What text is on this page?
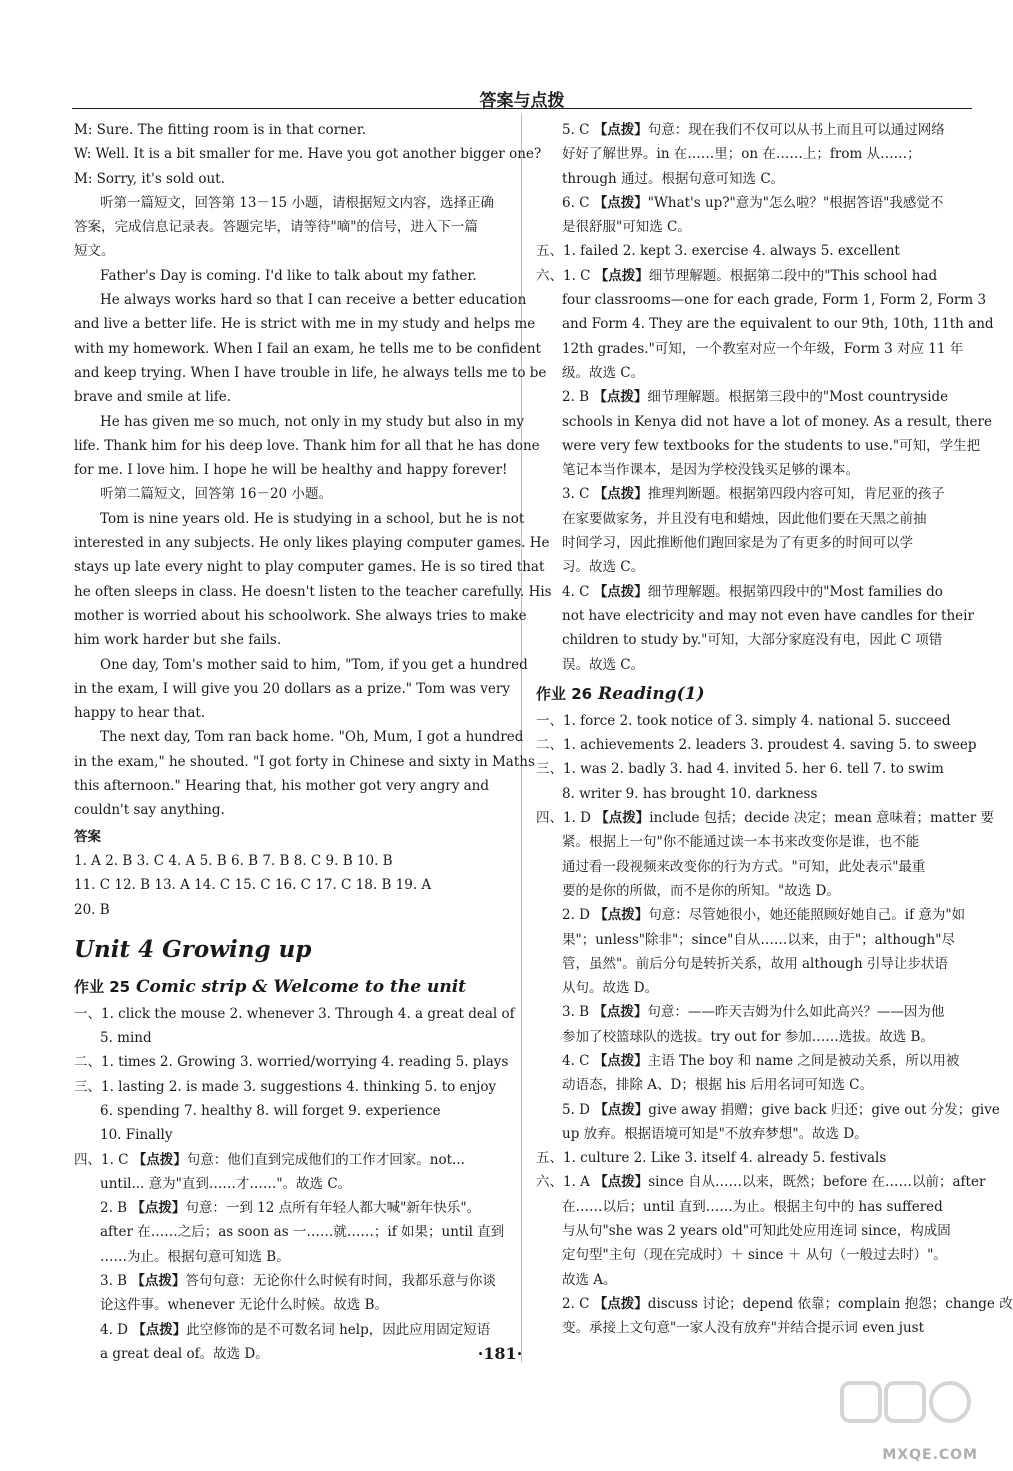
答案与点拨
M: Sure. The fitting room is in that corner.
W: Well. It is a bit smaller for me. Have you got another bigger one?
M: Sorry, it's sold out.
听第一篇短文，回答第 13－15 小题，请根据短文内容，选择正确
答案，完成信息记录表。答题完毕，请等待"嘀"的信号，进入下一篇
短文。
Father's Day is coming. I'd like to talk about my father.
He always works hard so that I can receive a better education
and live a better life. He is strict with me in my study and helps me
with my homework. When I fail an exam, he tells me to be confident
and keep trying. When I have trouble in life, he always tells me to be
brave and smile at life.
He has given me so much, not only in my study but also in my
life. Thank him for his deep love. Thank him for all that he has done
for me. I love him. I hope he will be healthy and happy forever!
听第二篇短文，回答第 16－20 小题。
Tom is nine years old. He is studying in a school, but he is not
interested in any subjects. He only likes playing computer games. He
stays up late every night to play computer games. He is so tired that
he often sleeps in class. He doesn't listen to the teacher carefully. His
mother is worried about his schoolwork. She always tries to make
him work harder but she fails.
One day, Tom's mother said to him, "Tom, if you get a hundred
in the exam, I will give you 20 dollars as a prize." Tom was very
happy to hear that.
The next day, Tom ran back home. "Oh, Mum, I got a hundred
in the exam," he shouted. "I got forty in Chinese and sixty in Maths
this afternoon." Hearing that, his mother got very angry and
couldn't say anything.
答案
1. A 2. B 3. C 4. A 5. B 6. B 7. B 8. C 9. B 10. B
11. C 12. B 13. A 14. C 15. C 16. C 17. C 18. B 19. A
20. B
Unit 4 Growing up
作业 25 Comic strip & Welcome to the unit
一、1. click the mouse 2. whenever 3. Through 4. a great deal of
5. mind
二、1. times 2. Growing 3. worried/worrying 4. reading 5. plays
三、1. lasting 2. is made 3. suggestions 4. thinking 5. to enjoy
6. spending 7. healthy 8. will forget 9. experience
10. Finally
四、1. C 【点拨】句意：他们直到完成他们的工作才回家。not...
until... 意为"直到……才……"。故选 C。
2. B 【点拨】句意：一到 12 点所有年轻人都大喊"新年快乐"。
after 在……之后；as soon as 一……就……；if 如果；until 直到
……为止。根据句意可知选 B。
3. B 【点拨】答句句意：无论你什么时候有时间，我都乐意与你谈
论这件事。whenever 无论什么时候。故选 B。
4. D 【点拨】此空修饰的是不可数名词 help，因此应用固定短语
a great deal of。故选 D。
5. C 【点拨】句意：现在我们不仅可以从书上而且可以通过网络
好好了解世界。in 在……里；on 在……上；from 从……；
through 通过。根据句意可知选 C。
6. C 【点拨】"What's up?"意为"怎么啦？"根据答语"我感觉不
是很舒服"可知选 C。
五、1. failed 2. kept 3. exercise 4. always 5. excellent
六、1. C 【点拨】细节理解题。根据第二段中的"This school had
four classrooms—one for each grade, Form 1, Form 2, Form 3
and Form 4. They are the equivalent to our 9th, 10th, 11th and
12th grades."可知，一个教室对应一个年级，Form 3 对应 11 年
级。故选 C。
2. B 【点拨】细节理解题。根据第三段中的"Most countryside
schools in Kenya did not have a lot of money. As a result, there
were very few textbooks for the students to use."可知，学生把
笔记本当作课本，是因为学校没钱买足够的课本。
3. C 【点拨】推理判断题。根据第四段内容可知，肯尼亚的孩子
在家要做家务，并且没有电和蜡烛，因此他们要在天黑之前抽
时间学习，因此推断他们跑回家是为了有更多的时间可以学
习。故选 C。
4. C 【点拨】细节理解题。根据第四段中的"Most families do
not have electricity and may not even have candles for their
children to study by."可知，大部分家庭没有电，因此 C 项错
误。故选 C。
作业 26 Reading(1)
一、1. force 2. took notice of 3. simply 4. national 5. succeed
二、1. achievements 2. leaders 3. proudest 4. saving 5. to sweep
三、1. was 2. badly 3. had 4. invited 5. her 6. tell 7. to swim
8. writer 9. has brought 10. darkness
四、1. D 【点拨】include 包括；decide 决定；mean 意味着；matter 要
紧。根据上一句"你不能通过读一本书来改变你是谁，也不能
通过看一段视频来改变你的行为方式。"可知，此处表示"最重
要的是你的所做，而不是你的所知。"故选 D。
2. D 【点拨】句意：尽管她很小，她还能照顾好她自己。if 意为"如
果"；unless"除非"；since"自从……以来，由于"；although"尽
管，虽然"。前后分句是转折关系，故用 although 引导让步状语
从句。故选 D。
3. B 【点拨】句意：——昨天吉姆为什么如此高兴？——因为他
参加了校篮球队的选拔。try out for 参加……选拔。故选 B。
4. C 【点拨】主语 The boy 和 name 之间是被动关系，所以用被
动语态，排除 A、D；根据 his 后用名词可知选 C。
5. D 【点拨】give away 捐赠；give back 归还；give out 分发；give
up 放弃。根据语境可知是"不放弃梦想"。故选 D。
五、1. culture 2. Like 3. itself 4. already 5. festivals
六、1. A 【点拨】since 自从……以来，既然；before 在……以前；after
在……以后；until 直到……为止。根据主句中的 has suffered
与从句"she was 2 years old"可知此处应用连词 since，构成固
定句型"主句（现在完成时）＋ since ＋ 从句（一般过去时）"。
故选 A。
2. C 【点拨】discuss 讨论；depend 依靠；complain 抱怨；change 改
变。承接上文句意"一家人没有放弃"并结合提示词 even just
·181·
MXQE.COM
